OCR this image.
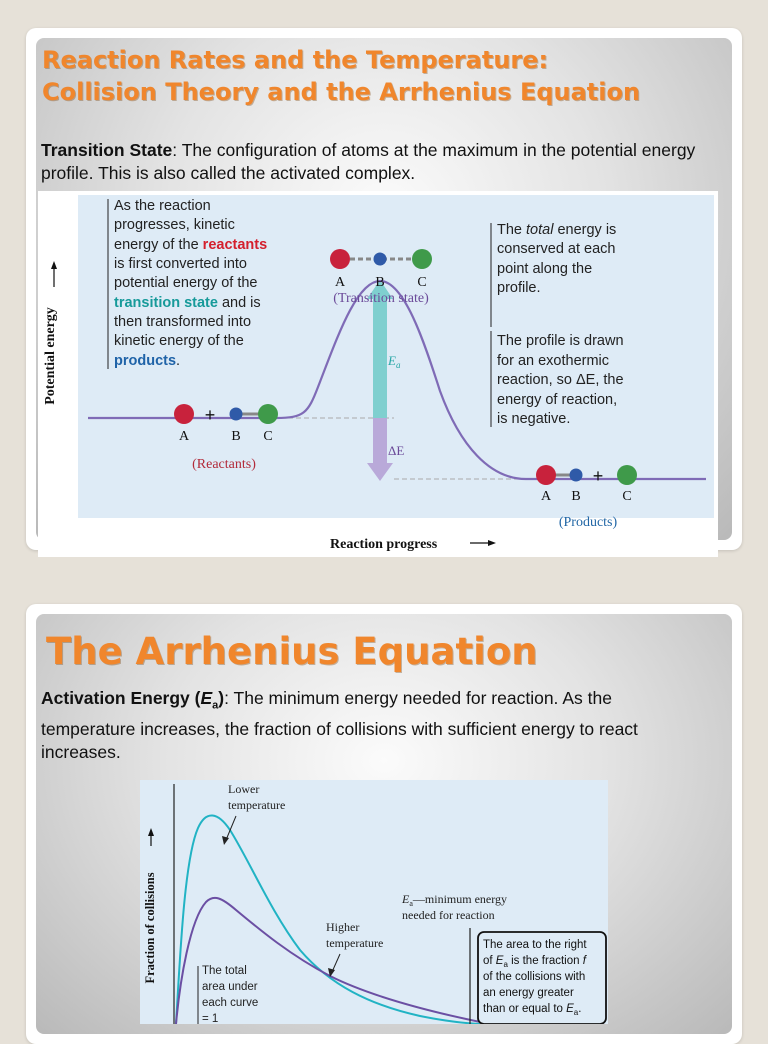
Reaction Rates and the Temperature:
Collision Theory and the Arrhenius Equation

Transition State: The configuration of atoms at the maximum in the potential energy profile. This is also called the activated complex.

Potential energy
Reaction progress
$E_a$
ΔE
As the reaction
progresses, kinetic
energy of the reactants
is first converted into
potential energy of the
transition state and is
then transformed into
kinetic energy of the
products.
A B C
(Transition state)
+
A	B C
(Reactants)
+
A B	C
(Products)
The total energy is
conserved at each
point along the
profile.
The profile is drawn
for an exothermic
reaction, so ΔE, the
energy of reaction,
is negative.
The Arrhenius Equation

Activation Energy $(E_a)$: The minimum energy needed for reaction. As the temperature increases, the fraction of collisions with sufficient energy to react increases.

Fraction of collisions
Lower
temperature
Higher
temperature
$E_a—minimum$ energy
needed for reaction
The total
area under
each curve
= 1
The area to the right
of $E_a$ is the fraction f
of the collisions with
an energy greater
than or equal to $E_a$.
